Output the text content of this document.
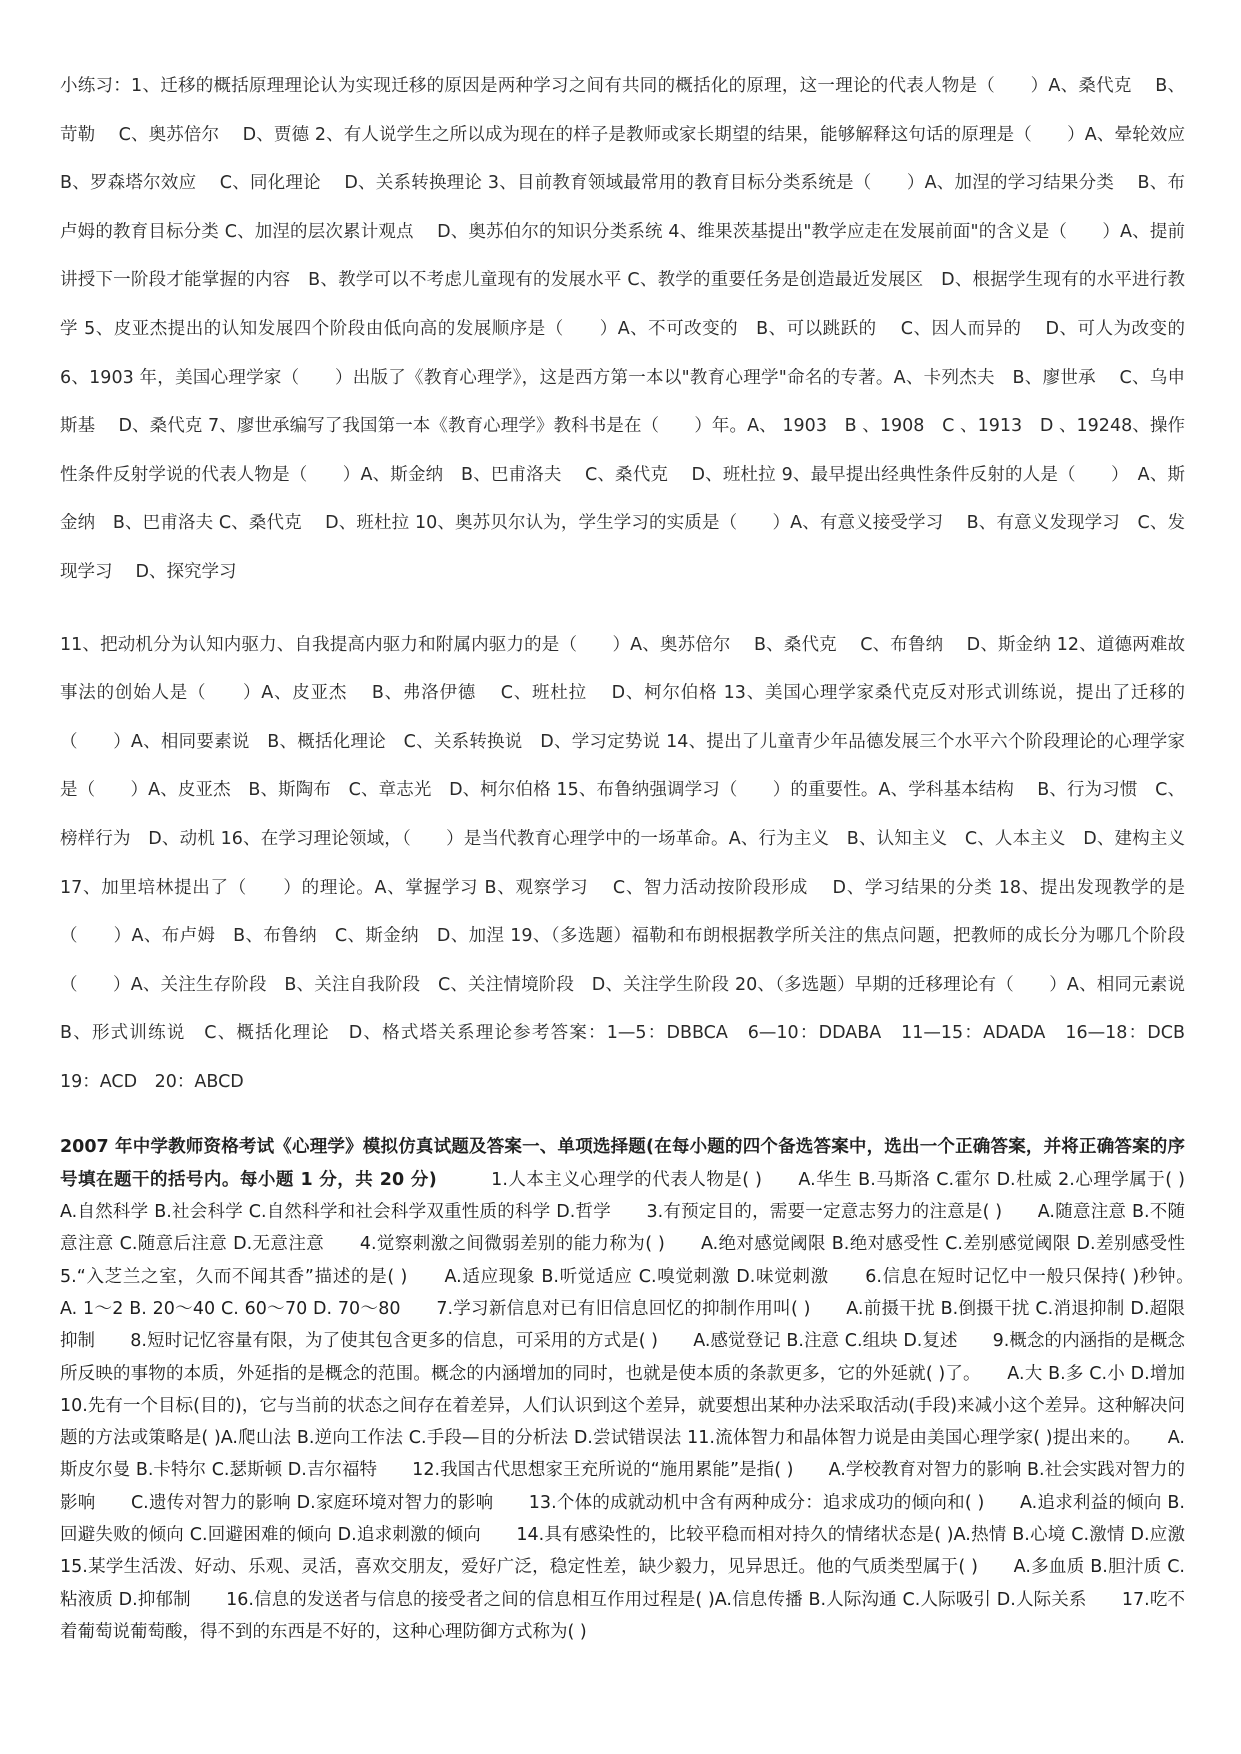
小练习：1、迁移的概括原理理论认为实现迁移的原因是两种学习之间有共同的概括化的原理，这一理论的代表人物是（　　）A、桑代克　 B、苛勒　 C、奥苏倍尔　 D、贾德 2、有人说学生之所以成为现在的样子是教师或家长期望的结果，能够解释这句话的原理是（　　）A、晕轮效应　 B、罗森塔尔效应　 C、同化理论　 D、关系转换理论 3、目前教育领域最常用的教育目标分类系统是（　　）A、加涅的学习结果分类　 B、布卢姆的教育目标分类 C、加涅的层次累计观点　 D、奥苏伯尔的知识分类系统 4、维果茨基提出"教学应走在发展前面"的含义是（　　）A、提前讲授下一阶段才能掌握的内容　B、教学可以不考虑儿童现有的发展水平 C、教学的重要任务是创造最近发展区　D、根据学生现有的水平进行教学 5、皮亚杰提出的认知发展四个阶段由低向高的发展顺序是（　　）A、不可改变的　B、可以跳跃的　 C、因人而异的　 D、可人为改变的 6、1903 年，美国心理学家（　　）出版了《教育心理学》，这是西方第一本以"教育心理学"命名的专著。A、卡列杰夫　B、廖世承　 C、乌申斯基　 D、桑代克 7、廖世承编写了我国第一本《教育心理学》教科书是在（　　）年。A、 1903　B 、1908　C 、1913　D 、19248、操作性条件反射学说的代表人物是（　　）A、斯金纳　B、巴甫洛夫　 C、桑代克　 D、班杜拉 9、最早提出经典性条件反射的人是（　　）　A、斯金纳　B、巴甫洛夫 C、桑代克　 D、班杜拉 10、奥苏贝尔认为，学生学习的实质是（　　）A、有意义接受学习　 B、有意义发现学习　C、发现学习　 D、探究学习

11、把动机分为认知内驱力、自我提高内驱力和附属内驱力的是（　　）A、奥苏倍尔　 B、桑代克　 C、布鲁纳　 D、斯金纳 12、道德两难故事法的创始人是（　　）A、皮亚杰　 B、弗洛伊德　 C、班杜拉　 D、柯尔伯格 13、美国心理学家桑代克反对形式训练说，提出了迁移的（　　）A、相同要素说　B、概括化理论　C、关系转换说　D、学习定势说 14、提出了儿童青少年品德发展三个水平六个阶段理论的心理学家是（　　）A、皮亚杰　B、斯陶布　C、章志光　D、柯尔伯格 15、布鲁纳强调学习（　　）的重要性。A、学科基本结构　 B、行为习惯　C、榜样行为　D、动机 16、在学习理论领域，（　　）是当代教育心理学中的一场革命。A、行为主义　B、认知主义　C、人本主义　D、建构主义 17、加里培林提出了（　　）的理论。A、掌握学习 B、观察学习　 C、智力活动按阶段形成　 D、学习结果的分类 18、提出发现教学的是（　　）A、布卢姆　B、布鲁纳　C、斯金纳　D、加涅 19、（多选题）福勒和布朗根据教学所关注的焦点问题，把教师的成长分为哪几个阶段（　　）A、关注生存阶段　B、关注自我阶段　C、关注情境阶段　D、关注学生阶段 20、（多选题）早期的迁移理论有（　　）A、相同元素说　 B、形式训练说　C、概括化理论　D、格式塔关系理论参考答案：1—5：DBBCA　6—10：DDABA　11—15：ADADA　16—18：DCB　19：ACD　20：ABCD

2007 年中学教师资格考试《心理学》模拟仿真试题及答案一、单项选择题(在每小题的四个备选答案中，选出一个正确答案，并将正确答案的序号填在题干的括号内。每小题 1 分，共 20 分)　　　1.人本主义心理学的代表人物是( )　　A.华生 B.马斯洛 C.霍尔 D.杜威 2.心理学属于( )　　A.自然科学 B.社会科学 C.自然科学和社会科学双重性质的科学 D.哲学　　3.有预定目的，需要一定意志努力的注意是( )　　A.随意注意 B.不随意注意 C.随意后注意 D.无意注意　　4.觉察刺激之间微弱差别的能力称为( )　　A.绝对感觉阈限 B.绝对感受性 C.差别感觉阈限 D.差别感受性　　5.“入芝兰之室，久而不闻其香”描述的是( )　　A.适应现象 B.听觉适应 C.嗅觉刺激 D.味觉刺激　　6.信息在短时记忆中一般只保持( )秒钟。　　A. 1～2 B. 20～40 C. 60～70 D. 70～80　　7.学习新信息对已有旧信息回忆的抑制作用叫( )　　A.前摄干扰 B.倒摄干扰 C.消退抑制 D.超限抑制　　8.短时记忆容量有限，为了使其包含更多的信息，可采用的方式是( )　　A.感觉登记 B.注意 C.组块 D.复述　　9.概念的内涵指的是概念所反映的事物的本质，外延指的是概念的范围。概念的内涵增加的同时，也就是使本质的条款更多，它的外延就( )了。　　A.大 B.多 C.小 D.增加　　10.先有一个目标(目的)，它与当前的状态之间存在着差异，人们认识到这个差异，就要想出某种办法采取活动(手段)来减小这个差异。这种解决问题的方法或策略是( )A.爬山法 B.逆向工作法 C.手段—目的分析法 D.尝试错误法 11.流体智力和晶体智力说是由美国心理学家( )提出来的。　　A.斯皮尔曼 B.卡特尔 C.瑟斯顿 D.吉尔福特　　12.我国古代思想家王充所说的“施用累能”是指( )　　A.学校教育对智力的影响 B.社会实践对智力的影响　　C.遗传对智力的影响 D.家庭环境对智力的影响　　13.个体的成就动机中含有两种成分：追求成功的倾向和( )　　A.追求利益的倾向 B.回避失败的倾向 C.回避困难的倾向 D.追求刺激的倾向　　14.具有感染性的，比较平稳而相对持久的情绪状态是( )A.热情 B.心境 C.激情 D.应激　　15.某学生活泼、好动、乐观、灵活，喜欢交朋友，爱好广泛，稳定性差，缺少毅力，见异思迁。他的气质类型属于( )　　A.多血质 B.胆汁质 C.粘液质 D.抑郁制　　16.信息的发送者与信息的接受者之间的信息相互作用过程是( )A.信息传播 B.人际沟通 C.人际吸引 D.人际关系　　17.吃不着葡萄说葡萄酸，得不到的东西是不好的，这种心理防御方式称为( )
